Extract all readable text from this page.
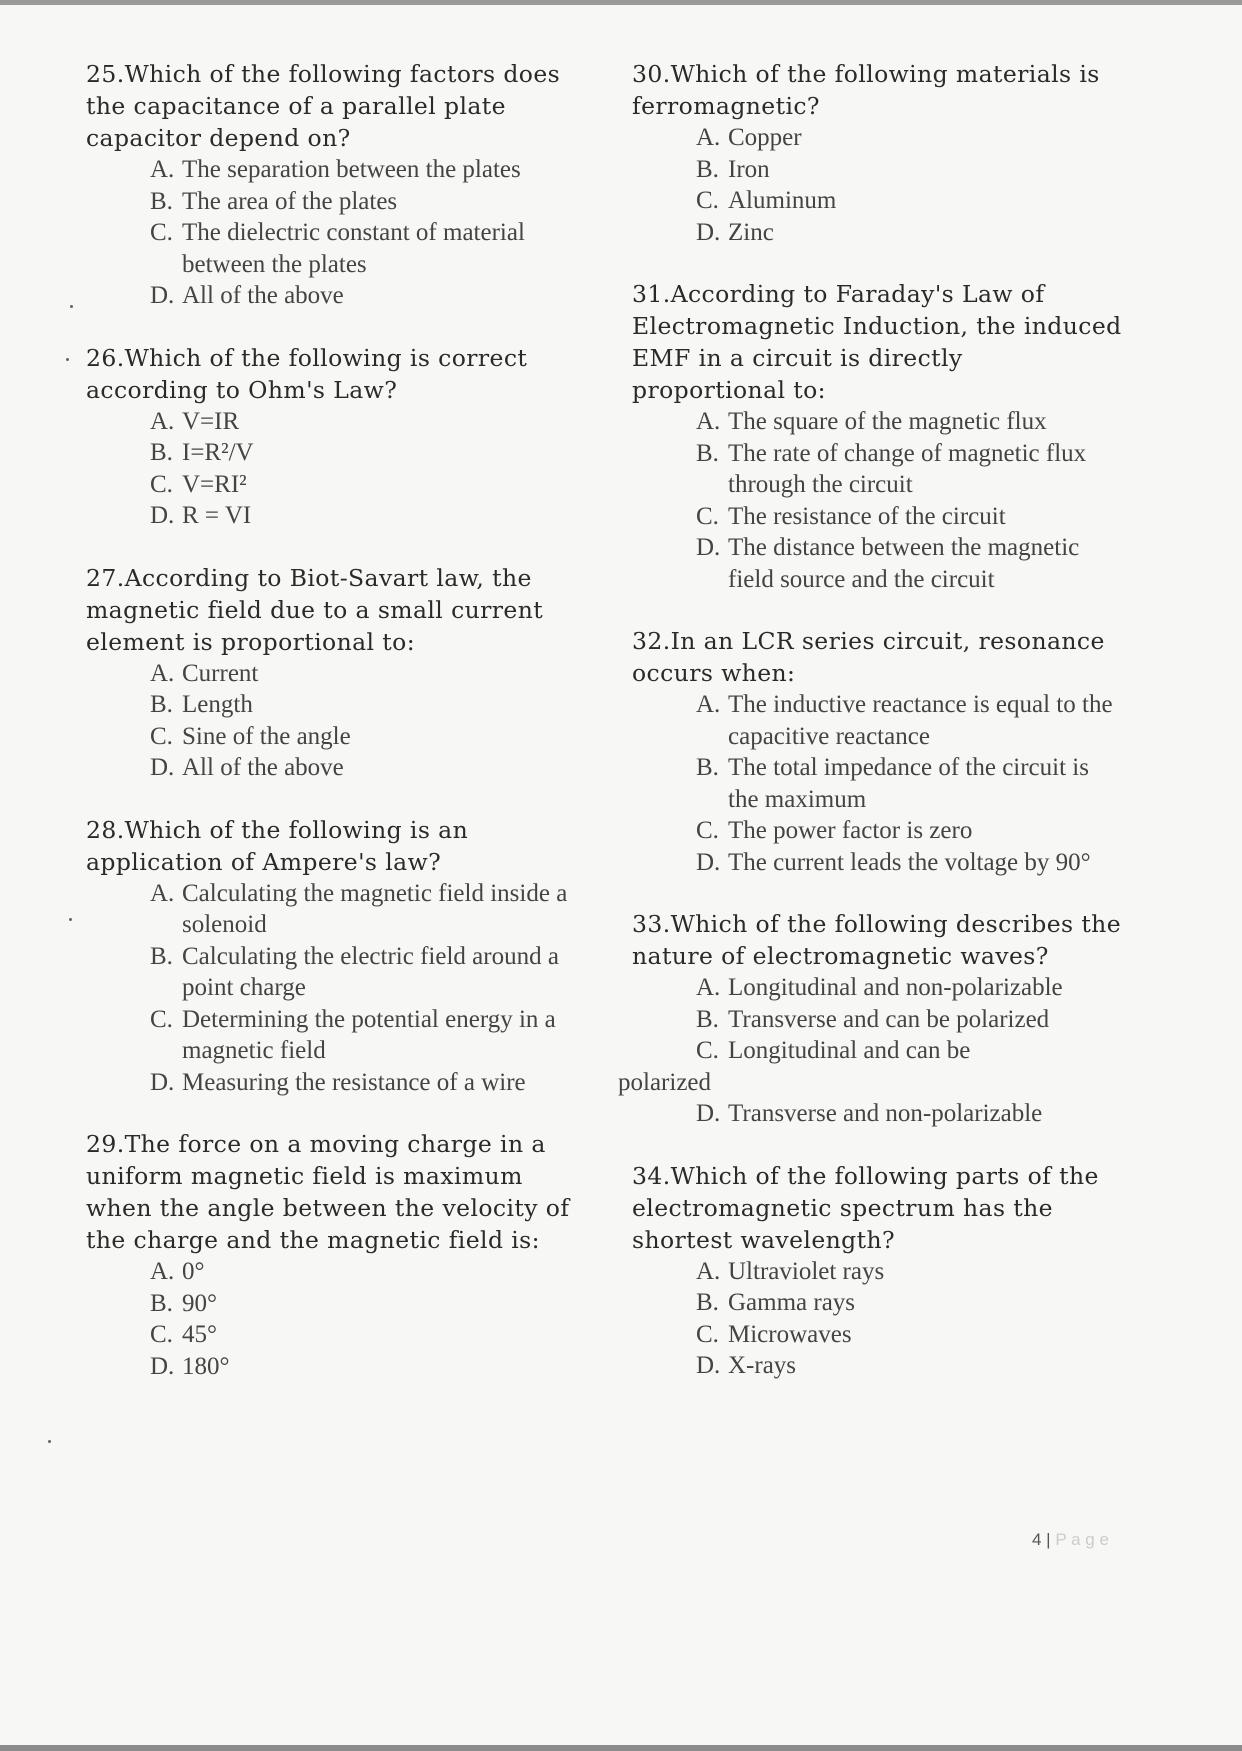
25.Which of the following factors does the capacitance of a parallel plate capacitor depend on?
A. The separation between the plates
B. The area of the plates
C. The dielectric constant of material between the plates
D. All of the above
26.Which of the following is correct according to Ohm's Law?
A. V=IR
B. I=R²/V
C. V=RI²
D. R = VI
27.According to Biot-Savart law, the magnetic field due to a small current element is proportional to:
A. Current
B. Length
C. Sine of the angle
D. All of the above
28.Which of the following is an application of Ampere's law?
A. Calculating the magnetic field inside a solenoid
B. Calculating the electric field around a point charge
C. Determining the potential energy in a magnetic field
D. Measuring the resistance of a wire
29.The force on a moving charge in a uniform magnetic field is maximum when the angle between the velocity of the charge and the magnetic field is:
A. 0°
B. 90°
C. 45°
D. 180°
30.Which of the following materials is ferromagnetic?
A. Copper
B. Iron
C. Aluminum
D. Zinc
31.According to Faraday's Law of Electromagnetic Induction, the induced EMF in a circuit is directly proportional to:
A. The square of the magnetic flux
B. The rate of change of magnetic flux through the circuit
C. The resistance of the circuit
D. The distance between the magnetic field source and the circuit
32.In an LCR series circuit, resonance occurs when:
A. The inductive reactance is equal to the capacitive reactance
B. The total impedance of the circuit is the maximum
C. The power factor is zero
D. The current leads the voltage by 90°
33.Which of the following describes the nature of electromagnetic waves?
A. Longitudinal and non-polarizable
B. Transverse and can be polarized
C. Longitudinal and can be
polarized
D. Transverse and non-polarizable
34.Which of the following parts of the electromagnetic spectrum has the shortest wavelength?
A. Ultraviolet rays
B. Gamma rays
C. Microwaves
D. X-rays
4 | P a g e
